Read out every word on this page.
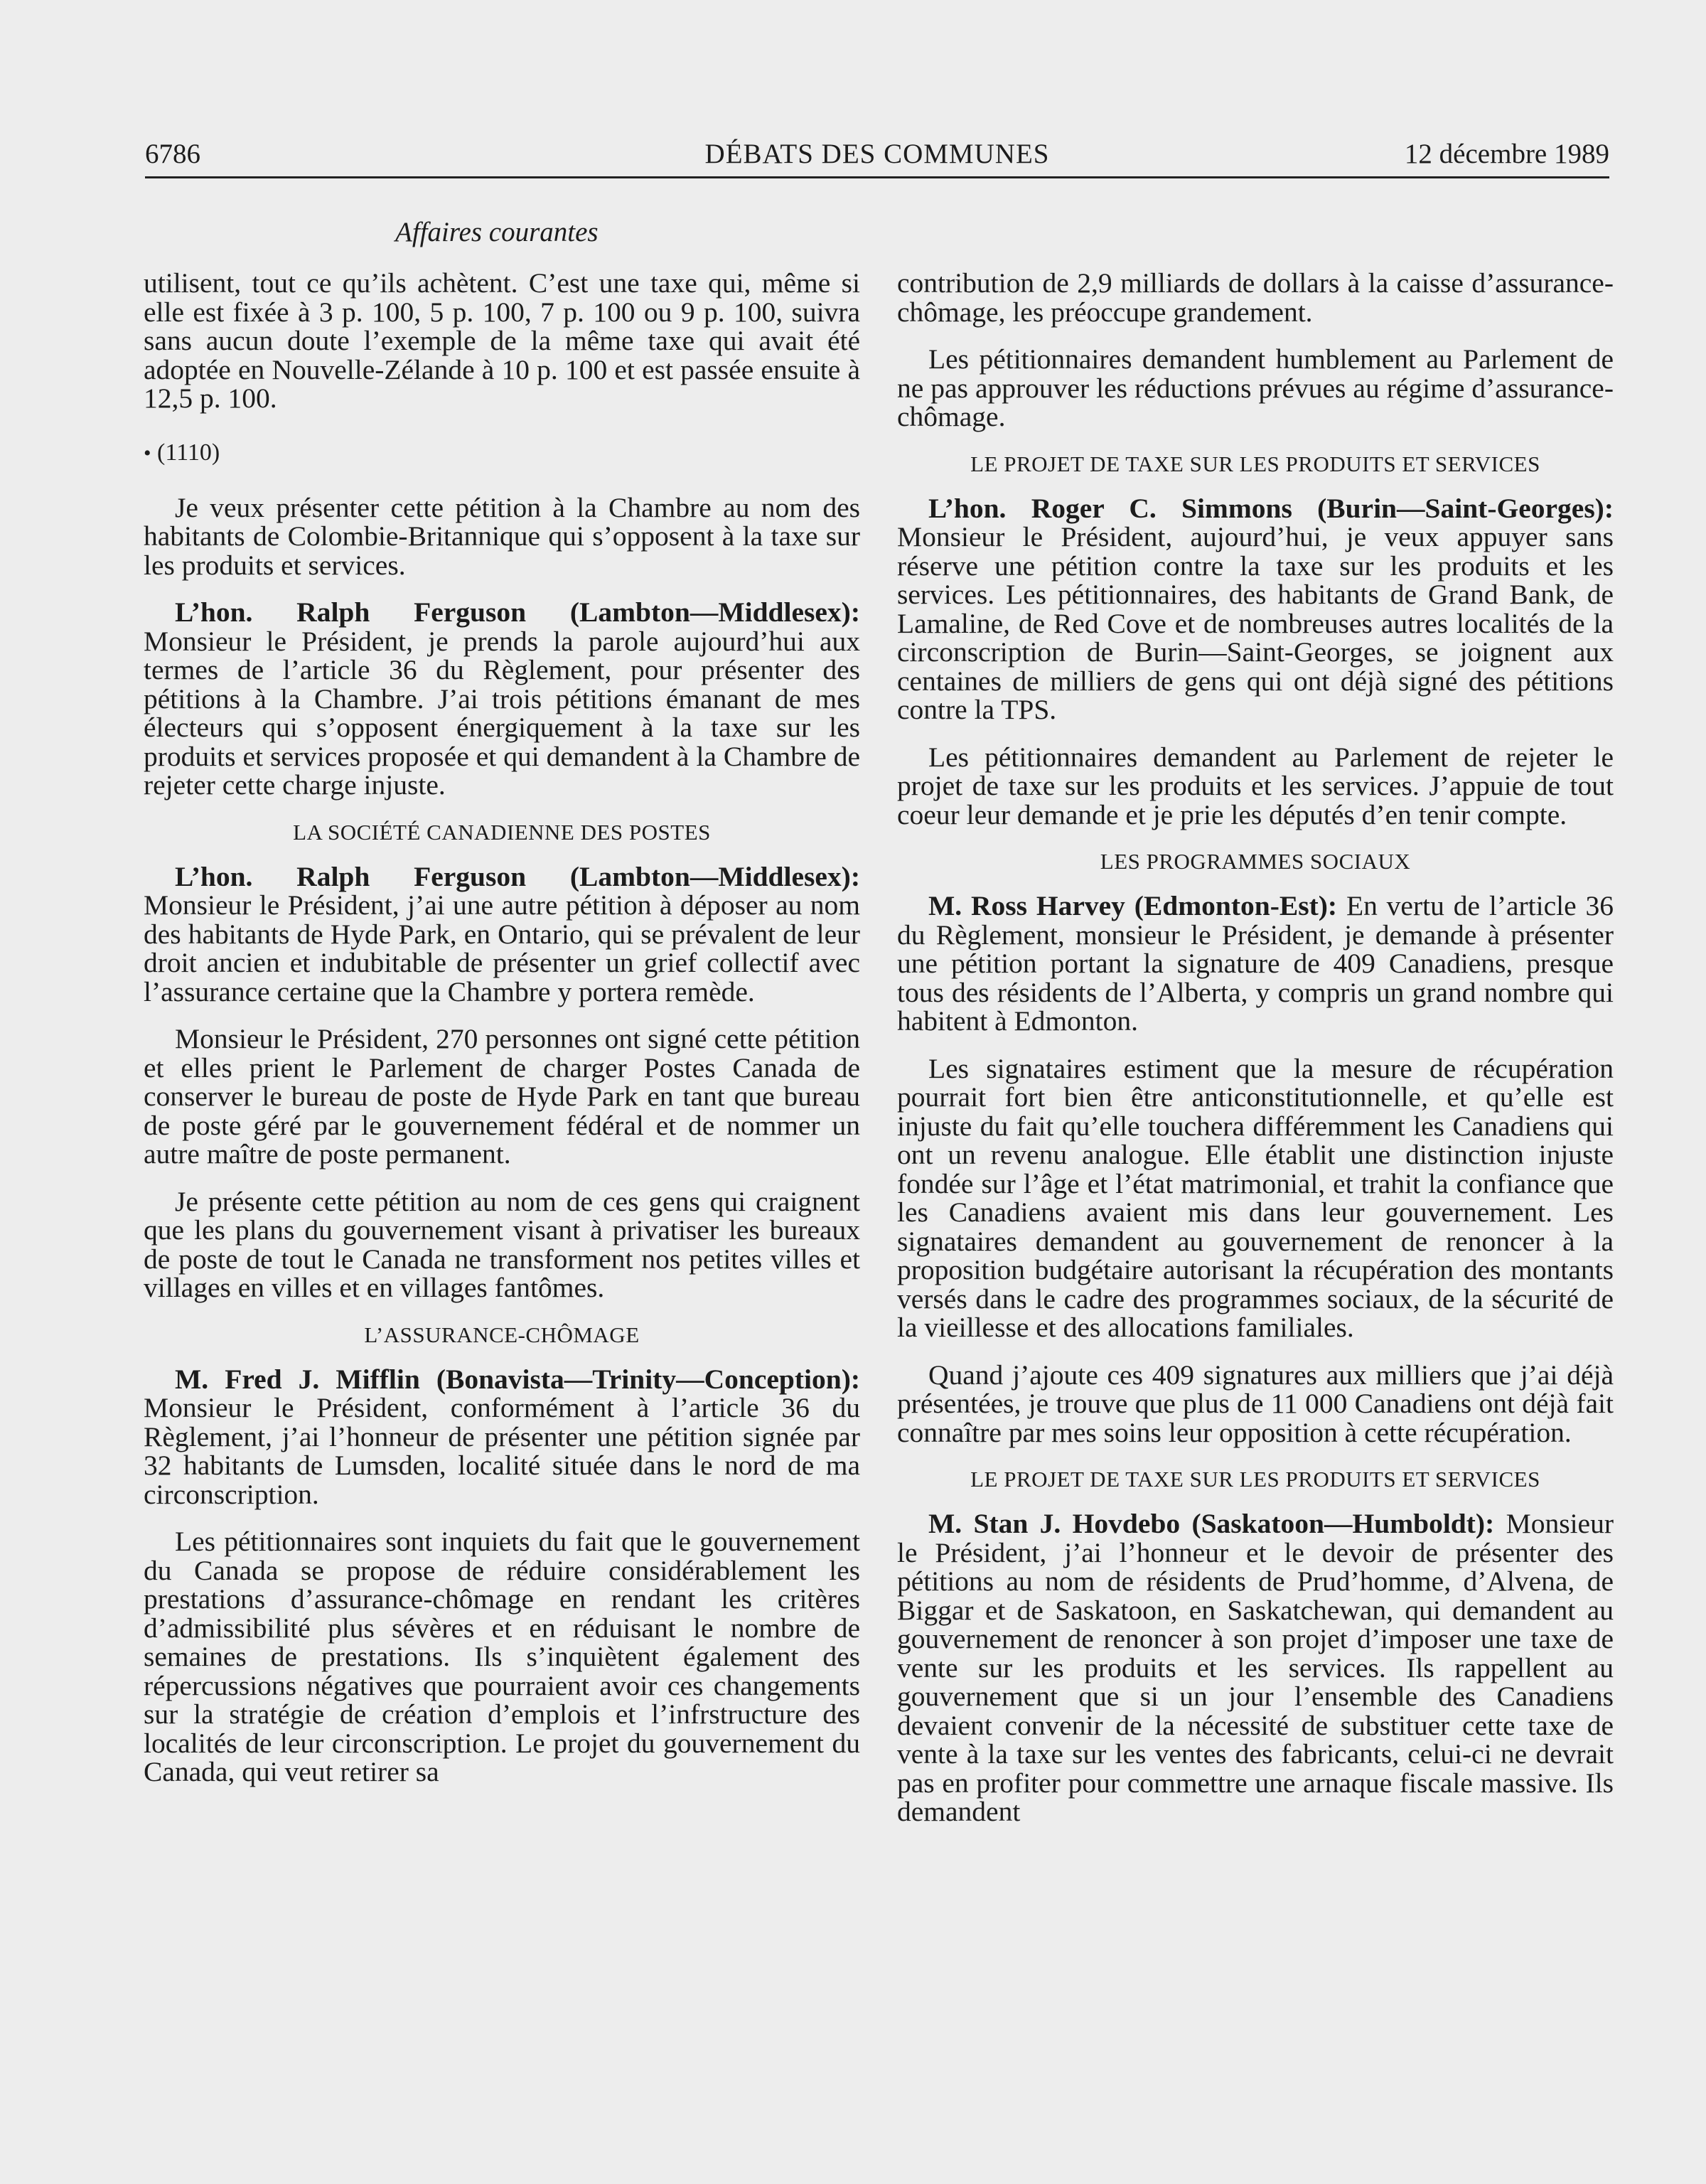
6786	DÉBATS DES COMMUNES	12 décembre 1989
Affaires courantes

utilisent, tout ce qu’ils achètent. C’est une taxe qui, même si elle est fixée à 3 p. 100, 5 p. 100, 7 p. 100 ou 9 p. 100, suivra sans aucun doute l’exemple de la même taxe qui avait été adoptée en Nouvelle-Zélande à 10 p. 100 et est passée ensuite à 12,5 p. 100.

• (1110)

Je veux présenter cette pétition à la Chambre au nom des habitants de Colombie-Britannique qui s’opposent à la taxe sur les produits et services.

L’hon. Ralph Ferguson (Lambton—Middlesex): Monsieur le Président, je prends la parole aujourd’hui aux termes de l’article 36 du Règlement, pour présenter des pétitions à la Chambre. J’ai trois pétitions émanant de mes électeurs qui s’opposent énergiquement à la taxe sur les produits et services proposée et qui demandent à la Chambre de rejeter cette charge injuste.

LA SOCIÉTÉ CANADIENNE DES POSTES

L’hon. Ralph Ferguson (Lambton—Middlesex): Monsieur le Président, j’ai une autre pétition à déposer au nom des habitants de Hyde Park, en Ontario, qui se prévalent de leur droit ancien et indubitable de présenter un grief collectif avec l’assurance certaine que la Chambre y portera remède.

Monsieur le Président, 270 personnes ont signé cette pétition et elles prient le Parlement de charger Postes Canada de conserver le bureau de poste de Hyde Park en tant que bureau de poste géré par le gouvernement fédéral et de nommer un autre maître de poste permanent.

Je présente cette pétition au nom de ces gens qui craignent que les plans du gouvernement visant à privatiser les bureaux de poste de tout le Canada ne transforment nos petites villes et villages en villes et en villages fantômes.

L’ASSURANCE-CHÔMAGE

M. Fred J. Mifflin (Bonavista—Trinity—Conception): Monsieur le Président, conformément à l’article 36 du Règlement, j’ai l’honneur de présenter une pétition signée par 32 habitants de Lumsden, localité située dans le nord de ma circonscription.

Les pétitionnaires sont inquiets du fait que le gouvernement du Canada se propose de réduire considérablement les prestations d’assurance-chômage en rendant les critères d’admissibilité plus sévères et en réduisant le nombre de semaines de prestations. Ils s’inquiètent également des répercussions négatives que pourraient avoir ces changements sur la stratégie de création d’emplois et l’infrstructure des localités de leur circonscription. Le projet du gouvernement du Canada, qui veut retirer sa

contribution de 2,9 milliards de dollars à la caisse d’assurance-chômage, les préoccupe grandement.

Les pétitionnaires demandent humblement au Parlement de ne pas approuver les réductions prévues au régime d’assurance-chômage.

LE PROJET DE TAXE SUR LES PRODUITS ET SERVICES

L’hon. Roger C. Simmons (Burin—Saint-Georges): Monsieur le Président, aujourd’hui, je veux appuyer sans réserve une pétition contre la taxe sur les produits et les services. Les pétitionnaires, des habitants de Grand Bank, de Lamaline, de Red Cove et de nombreuses autres localités de la circonscription de Burin—Saint-Georges, se joignent aux centaines de milliers de gens qui ont déjà signé des pétitions contre la TPS.

Les pétitionnaires demandent au Parlement de rejeter le projet de taxe sur les produits et les services. J’appuie de tout coeur leur demande et je prie les députés d’en tenir compte.

LES PROGRAMMES SOCIAUX

M. Ross Harvey (Edmonton-Est): En vertu de l’article 36 du Règlement, monsieur le Président, je demande à présenter une pétition portant la signature de 409 Canadiens, presque tous des résidents de l’Alberta, y compris un grand nombre qui habitent à Edmonton.

Les signataires estiment que la mesure de récupération pourrait fort bien être anticonstitutionnelle, et qu’elle est injuste du fait qu’elle touchera différemment les Canadiens qui ont un revenu analogue. Elle établit une distinction injuste fondée sur l’âge et l’état matrimonial, et trahit la confiance que les Canadiens avaient mis dans leur gouvernement. Les signataires demandent au gouvernement de renoncer à la proposition budgétaire autorisant la récupération des montants versés dans le cadre des programmes sociaux, de la sécurité de la vieillesse et des allocations familiales.

Quand j’ajoute ces 409 signatures aux milliers que j’ai déjà présentées, je trouve que plus de 11 000 Canadiens ont déjà fait connaître par mes soins leur opposition à cette récupération.

LE PROJET DE TAXE SUR LES PRODUITS ET SERVICES

M. Stan J. Hovdebo (Saskatoon—Humboldt): Monsieur le Président, j’ai l’honneur et le devoir de présenter des pétitions au nom de résidents de Prud’homme, d’Alvena, de Biggar et de Saskatoon, en Saskatchewan, qui demandent au gouvernement de renoncer à son projet d’imposer une taxe de vente sur les produits et les services. Ils rappellent au gouvernement que si un jour l’ensemble des Canadiens devaient convenir de la nécessité de substituer cette taxe de vente à la taxe sur les ventes des fabricants, celui-ci ne devrait pas en profiter pour commettre une arnaque fiscale massive. Ils demandent
